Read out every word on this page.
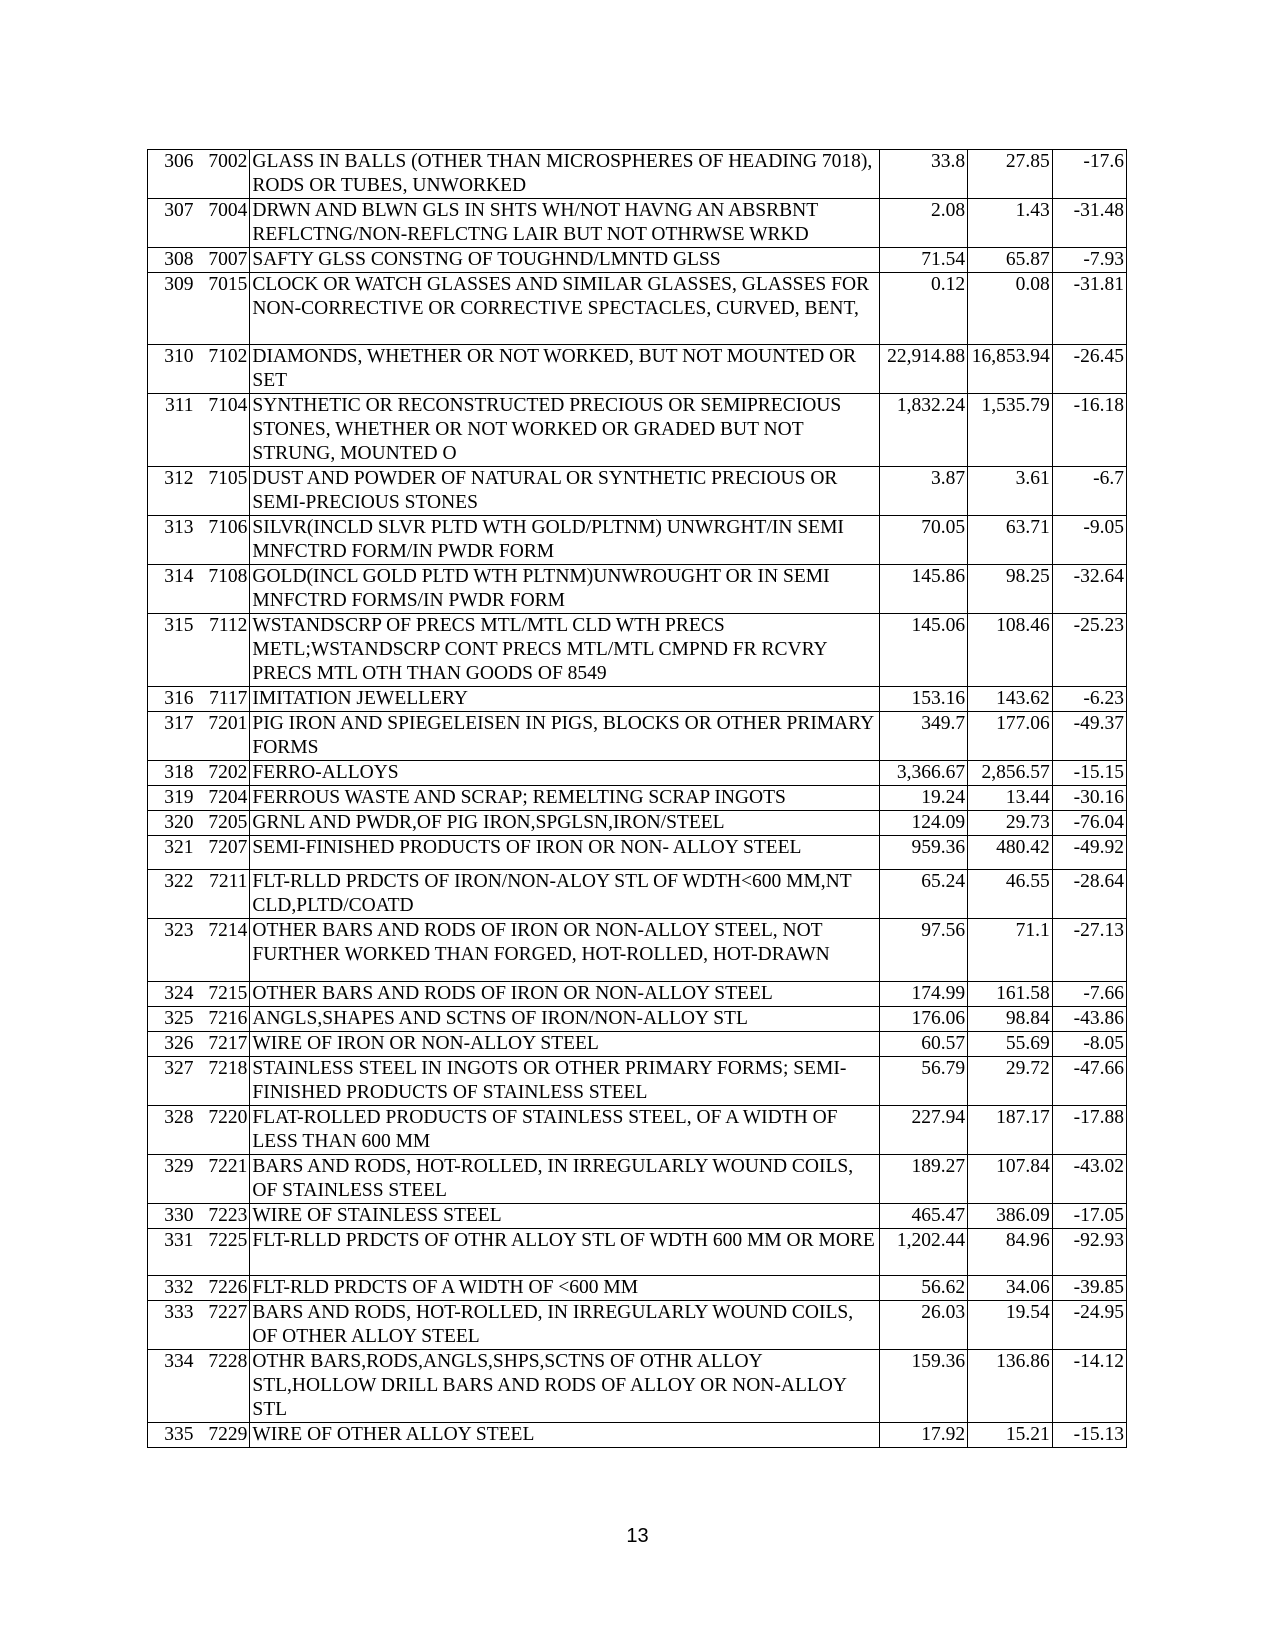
306	7002	GLASS IN BALLS (OTHER THAN MICROSPHERES OF HEADING 7018), RODS OR TUBES, UNWORKED	33.8	27.85	-17.6
307	7004	DRWN AND BLWN GLS IN SHTS WH/NOT HAVNG AN ABSRBNT REFLCTNG/NON-REFLCTNG LAIR BUT NOT OTHRWSE WRKD	2.08	1.43	-31.48
308	7007	SAFTY GLSS CONSTNG OF TOUGHND/LMNTD GLSS	71.54	65.87	-7.93
309	7015	CLOCK OR WATCH GLASSES AND SIMILAR GLASSES, GLASSES FOR NON-CORRECTIVE OR CORRECTIVE SPECTACLES, CURVED, BENT,	0.12	0.08	-31.81
310	7102	DIAMONDS, WHETHER OR NOT WORKED, BUT NOT MOUNTED OR SET	22,914.88	16,853.94	-26.45
311	7104	SYNTHETIC OR RECONSTRUCTED PRECIOUS OR SEMIPRECIOUS STONES, WHETHER OR NOT WORKED OR GRADED BUT NOT STRUNG, MOUNTED O	1,832.24	1,535.79	-16.18
312	7105	DUST AND POWDER OF NATURAL OR SYNTHETIC PRECIOUS OR SEMI-PRECIOUS STONES	3.87	3.61	-6.7
313	7106	SILVR(INCLD SLVR PLTD WTH GOLD/PLTNM) UNWRGHT/IN SEMI MNFCTRD FORM/IN PWDR FORM	70.05	63.71	-9.05
314	7108	GOLD(INCL GOLD PLTD WTH PLTNM)UNWROUGHT OR IN SEMI MNFCTRD FORMS/IN PWDR FORM	145.86	98.25	-32.64
315	7112	WSTANDSCRP OF PRECS MTL/MTL CLD WTH PRECS METL;WSTANDSCRP CONT PRECS MTL/MTL CMPND FR RCVRY PRECS MTL OTH THAN GOODS OF 8549	145.06	108.46	-25.23
316	7117	IMITATION JEWELLERY	153.16	143.62	-6.23
317	7201	PIG IRON AND SPIEGELEISEN IN PIGS, BLOCKS OR OTHER PRIMARY FORMS	349.7	177.06	-49.37
318	7202	FERRO-ALLOYS	3,366.67	2,856.57	-15.15
319	7204	FERROUS WASTE AND SCRAP; REMELTING SCRAP INGOTS	19.24	13.44	-30.16
320	7205	GRNL AND PWDR,OF PIG IRON,SPGLSN,IRON/STEEL	124.09	29.73	-76.04
321	7207	SEMI-FINISHED PRODUCTS OF IRON OR NON- ALLOY STEEL	959.36	480.42	-49.92
322	7211	FLT-RLLD PRDCTS OF IRON/NON-ALOY STL OF WDTH<600 MM,NT CLD,PLTD/COATD	65.24	46.55	-28.64
323	7214	OTHER BARS AND RODS OF IRON OR NON-ALLOY STEEL, NOT FURTHER WORKED THAN FORGED, HOT-ROLLED, HOT-DRAWN	97.56	71.1	-27.13
324	7215	OTHER BARS AND RODS OF IRON OR NON-ALLOY STEEL	174.99	161.58	-7.66
325	7216	ANGLS,SHAPES AND SCTNS OF IRON/NON-ALLOY STL	176.06	98.84	-43.86
326	7217	WIRE OF IRON OR NON-ALLOY STEEL	60.57	55.69	-8.05
327	7218	STAINLESS STEEL IN INGOTS OR OTHER PRIMARY FORMS; SEMI-FINISHED PRODUCTS OF STAINLESS STEEL	56.79	29.72	-47.66
328	7220	FLAT-ROLLED PRODUCTS OF STAINLESS STEEL, OF A WIDTH OF LESS THAN 600 MM	227.94	187.17	-17.88
329	7221	BARS AND RODS, HOT-ROLLED, IN IRREGULARLY WOUND COILS, OF STAINLESS STEEL	189.27	107.84	-43.02
330	7223	WIRE OF STAINLESS STEEL	465.47	386.09	-17.05
331	7225	FLT-RLLD PRDCTS OF OTHR ALLOY STL OF WDTH 600 MM OR MORE	1,202.44	84.96	-92.93
332	7226	FLT-RLD PRDCTS OF A WIDTH OF <600 MM	56.62	34.06	-39.85
333	7227	BARS AND RODS, HOT-ROLLED, IN IRREGULARLY WOUND COILS, OF OTHER ALLOY STEEL	26.03	19.54	-24.95
334	7228	OTHR BARS,RODS,ANGLS,SHPS,SCTNS OF OTHR ALLOY STL,HOLLOW DRILL BARS AND RODS OF ALLOY OR NON-ALLOY STL	159.36	136.86	-14.12
335	7229	WIRE OF OTHER ALLOY STEEL	17.92	15.21	-15.13
13
